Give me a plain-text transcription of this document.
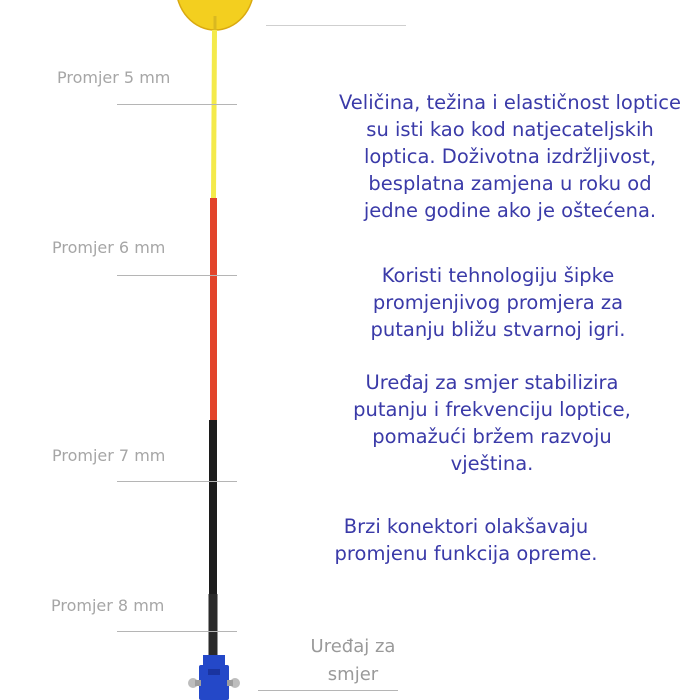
Promjer 5 mm
Promjer 6 mm
Promjer 7 mm
Promjer 8 mm
Veličina, težina i elastičnost loptice
su isti kao kod natjecateljskih
loptica. Doživotna izdržljivost,
besplatna zamjena u roku od
jedne godine ako je oštećena.
Koristi tehnologiju šipke
promjenjivog promjera za
putanju bližu stvarnoj igri.
Uređaj za smjer stabilizira
putanju i frekvenciju loptice,
pomažući bržem razvoju
vještina.
Brzi konektori olakšavaju
promjenu funkcija opreme.
Uređaj za
smjer
